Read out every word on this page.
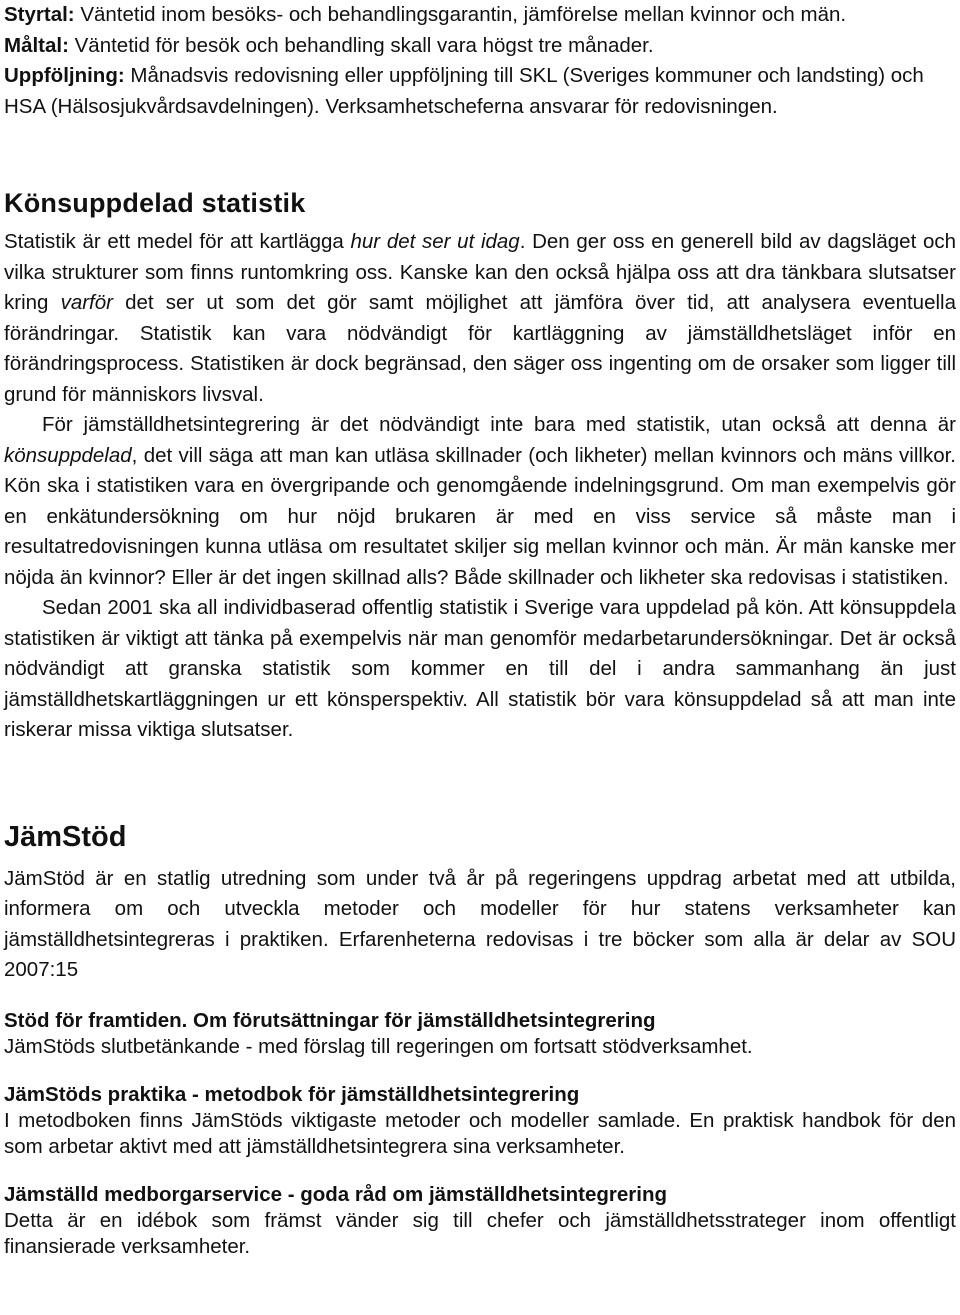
Styrtal: Väntetid inom besöks- och behandlingsgarantin, jämförelse mellan kvinnor och män.

Måltal: Väntetid för besök och behandling skall vara högst tre månader.

Uppföljning: Månadsvis redovisning eller uppföljning till SKL (Sveriges kommuner och landsting) och HSA (Hälsosjukvårdsavdelningen). Verksamhetscheferna ansvarar för redovisningen.

Könsuppdelad statistik

Statistik är ett medel för att kartlägga hur det ser ut idag. Den ger oss en generell bild av dagsläget och vilka strukturer som finns runtomkring oss. Kanske kan den också hjälpa oss att dra tänkbara slutsatser kring varför det ser ut som det gör samt möjlighet att jämföra över tid, att analysera eventuella förändringar. Statistik kan vara nödvändigt för kartläggning av jämställdhetsläget inför en förändringsprocess. Statistiken är dock begränsad, den säger oss ingenting om de orsaker som ligger till grund för människors livsval.

För jämställdhetsintegrering är det nödvändigt inte bara med statistik, utan också att denna är könsuppdelad, det vill säga att man kan utläsa skillnader (och likheter) mellan kvinnors och mäns villkor. Kön ska i statistiken vara en övergripande och genomgående indelningsgrund. Om man exempelvis gör en enkätundersökning om hur nöjd brukaren är med en viss service så måste man i resultatredovisningen kunna utläsa om resultatet skiljer sig mellan kvinnor och män. Är män kanske mer nöjda än kvinnor? Eller är det ingen skillnad alls? Både skillnader och likheter ska redovisas i statistiken.

Sedan 2001 ska all individbaserad offentlig statistik i Sverige vara uppdelad på kön. Att könsuppdela statistiken är viktigt att tänka på exempelvis när man genomför medarbetarundersökningar. Det är också nödvändigt att granska statistik som kommer en till del i andra sammanhang än just jämställdhetskartläggningen ur ett könsperspektiv. All statistik bör vara könsuppdelad så att man inte riskerar missa viktiga slutsatser.

JämStöd

JämStöd är en statlig utredning som under två år på regeringens uppdrag arbetat med att utbilda, informera om och utveckla metoder och modeller för hur statens verksamheter kan jämställdhetsintegreras i praktiken. Erfarenheterna redovisas i tre böcker som alla är delar av SOU 2007:15

Stöd för framtiden. Om förutsättningar för jämställdhetsintegrering

JämStöds slutbetänkande - med förslag till regeringen om fortsatt stödverksamhet.

JämStöds praktika - metodbok för jämställdhetsintegrering

I metodboken finns JämStöds viktigaste metoder och modeller samlade. En praktisk handbok för den som arbetar aktivt med att jämställdhetsintegrera sina verksamheter.

Jämställd medborgarservice - goda råd om jämställdhetsintegrering

Detta är en idébok som främst vänder sig till chefer och jämställdhetsstrateger inom offentligt finansierade verksamheter.
